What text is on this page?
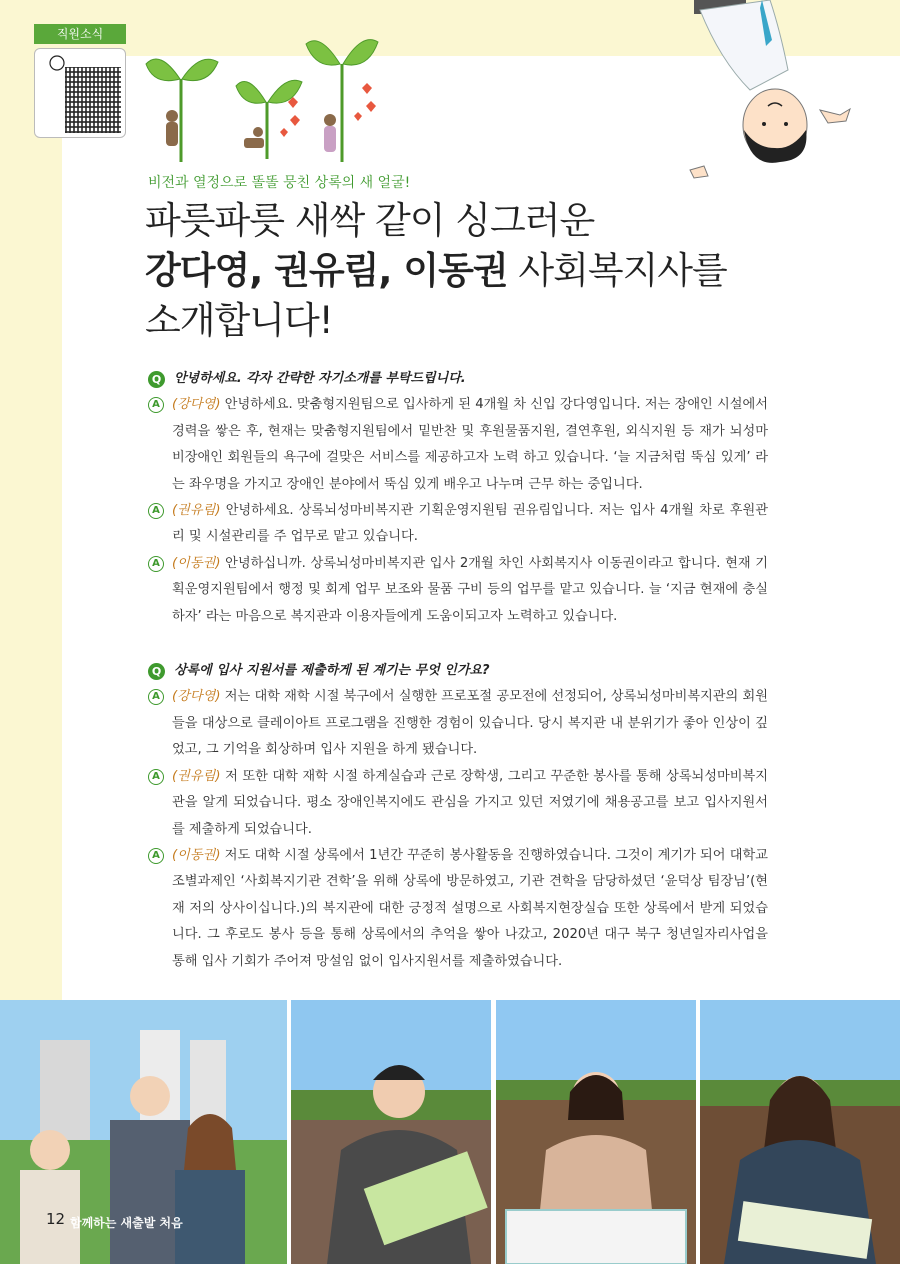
직원소식
비전과 열정으로 똘똘 뭉친 상록의 새 얼굴!
파릇파릇 새싹 같이 싱그러운
강다영, 권유림, 이동권 사회복지사를
소개합니다!
Q 안녕하세요. 각자 간략한 자기소개를 부탁드립니다.
A (강다영) 안녕하세요. 맞춤형지원팀으로 입사하게 된 4개월 차 신입 강다영입니다. 저는 장애인 시설에서 경력을 쌓은 후, 현재는 맞춤형지원팀에서 밑반찬 및 후원물품지원, 결연후원, 외식지원 등 재가 뇌성마비장애인 회원들의 욕구에 걸맞은 서비스를 제공하고자 노력 하고 있습니다. ‘늘 지금처럼 뚝심 있게’ 라는 좌우명을 가지고 장애인 분야에서 뚝심 있게 배우고 나누며 근무 하는 중입니다.
A (권유림) 안녕하세요. 상록뇌성마비복지관 기획운영지원팀 권유림입니다. 저는 입사 4개월 차로 후원관리 및 시설관리를 주 업무로 맡고 있습니다.
A (이동권) 안녕하십니까. 상록뇌성마비복지관 입사 2개월 차인 사회복지사 이동권이라고 합니다. 현재 기획운영지원팀에서 행정 및 회계 업무 보조와 물품 구비 등의 업무를 맡고 있습니다. 늘 ‘지금 현재에 충실하자’ 라는 마음으로 복지관과 이용자들에게 도움이되고자 노력하고 있습니다.
Q 상록에 입사 지원서를 제출하게 된 계기는 무엇 인가요?
A (강다영) 저는 대학 재학 시절 북구에서 실행한 프로포절 공모전에 선정되어, 상록뇌성마비복지관의 회원들을 대상으로 클레이아트 프로그램을 진행한 경험이 있습니다. 당시 복지관 내 분위기가 좋아 인상이 깊었고, 그 기억을 회상하며 입사 지원을 하게 됐습니다.
A (권유림) 저 또한 대학 재학 시절 하계실습과 근로 장학생, 그리고 꾸준한 봉사를 통해 상록뇌성마비복지관을 알게 되었습니다. 평소 장애인복지에도 관심을 가지고 있던 저였기에 채용공고를 보고 입사지원서를 제출하게 되었습니다.
A (이동권) 저도 대학 시절 상록에서 1년간 꾸준히 봉사활동을 진행하였습니다. 그것이 계기가 되어 대학교 조별과제인 ‘사회복지기관 견학’을 위해 상록에 방문하였고, 기관 견학을 담당하셨던 ‘윤덕상 팀장님’(현재 저의 상사이십니다.)의 복지관에 대한 긍정적 설명으로 사회복지현장실습 또한 상록에서 받게 되었습니다. 그 후로도 봉사 등을 통해 상록에서의 추억을 쌓아 나갔고, 2020년 대구 북구 청년일자리사업을 통해 입사 기회가 주어져 망설임 없이 입사지원서를 제출하였습니다.
12 함께하는 새출발 처음
